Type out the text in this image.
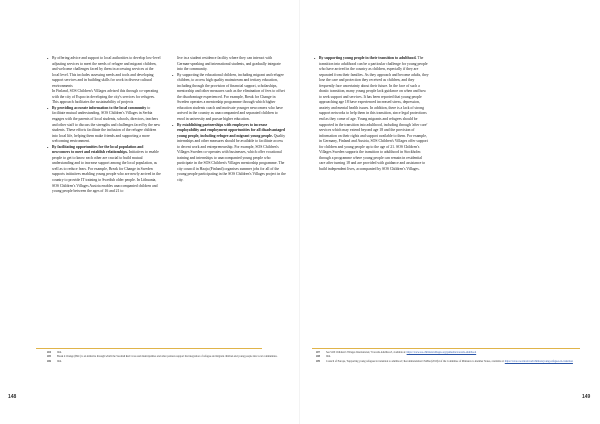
• By offering advice and support to local authorities to develop low-level adjusting services to meet the needs of refugee and migrant children, and welcome challenges faced by them in accessing services at the local level. This includes assessing needs and tools and developing support services and in building skills for work in diverse cultural environments

In Finland, SOS Children's Villages advised this through co-operating with the city of Espoo in developing the city's services for refugees. This approach facilitates the sustainability of projects

• By providing accurate information to the local community to facilitate mutual understanding. SOS Children's Villages in Serbia engages with the parents of local students, schools, directors, teachers and other staff to discuss the strengths and challenges faced by the new students. These efforts facilitate the inclusion of the refugee children into local life, helping them make friends and supporting a more welcoming environment.

• By facilitating opportunities for the local population and newcomers to meet and establish relationships. Initiatives to enable people to get to know each other are crucial to build mutual understanding and to increase support among the local population, as well as to reduce fears. For example, Break for Change in Sweden supports initiatives enabling young people who are newly arrived in the country to provide IT training to Swedish older people. In Lithuania, SOS Children's Villages Austria enables unaccompanied children and young people between the ages of 16 and 21 to

live in a student residence facility where they can interact with German-speaking and international students, and gradually integrate into the community.

• By supporting the educational children, including migrant and refugee children, to access high quality mainstream and tertiary education, including through the provision of financial support, scholarships, mentorship and other measures such as the elimination of fees to offset the disadvantage experienced. For example, Break for Change in Sweden operates a mentorship programme through which higher education students coach and motivate younger newcomers who have arrived in the country as unaccompanied and separated children to enrol in university and pursue higher education.

• By establishing partnerships with employers to increase employability and employment opportunities for all disadvantaged young people, including refugee and migrant young people. Quality internships and other measures should be available to facilitate access to decent work and entrepreneurship. For example, SOS Children's Villages Sweden co-operates with businesses, which offer vocational training and internships to unaccompanied young people who participate in the SOS Children's Villages mentorship programme. The city council in Haaja (Finland) organises summer jobs for all of the young people participating in the SOS Children's Villages project in the city.

204	Ibid.
205	Break 4 Change (B4C) is an initiative through which the Swedish Red Cross and municipalities and other partners support the integration of refugee and migrant children and young people into local communities.
206	Ibid.
148

• By supporting young people in their transition to adulthood. The transition into adulthood can be a particular challenge for young people who have arrived in the country as children, especially if they are separated from their families. As they approach and become adults, they lose the care and protection they received as children, and they frequently face uncertainty about their future. In the face of such a drastic transition, many young people lack guidance on when and how to seek support and services. It has been reported that young people approaching age 18 have experienced increased stress, depression, anxiety and mental health issues. In addition, there is a lack of strong support networks to help them in this transition, since legal protections end as they come of age. Young migrants and refugees should be supported in the transition into adulthood, including through 'after care' services which may extend beyond age 18 and the provision of information on their rights and support available to them. For example, in Germany, Finland and Austria, SOS Children's Villages offer support for children and young people up to the age of 21. SOS Children's Villages Sweden supports the transition to adulthood in Stockholm through a programme where young people can remain in residential care after turning 18 and are provided with guidance and assistance to build independent lives, accompanied by SOS Children's Villages.

207	See SOS Children's Villages International, 'Towards Adulthood', available at: https://www.sos-childrensvillages.org/getmedia/towards-adulthood
208	Ibid.
209	Council of Europe, 'Supporting young refugees in transition to adulthood', Recommendation CM/Rec(2019)4 of the Committee of Ministers to member States, available at: https://www.coe.int/en/web/children/young-refugees-in-transition
149
